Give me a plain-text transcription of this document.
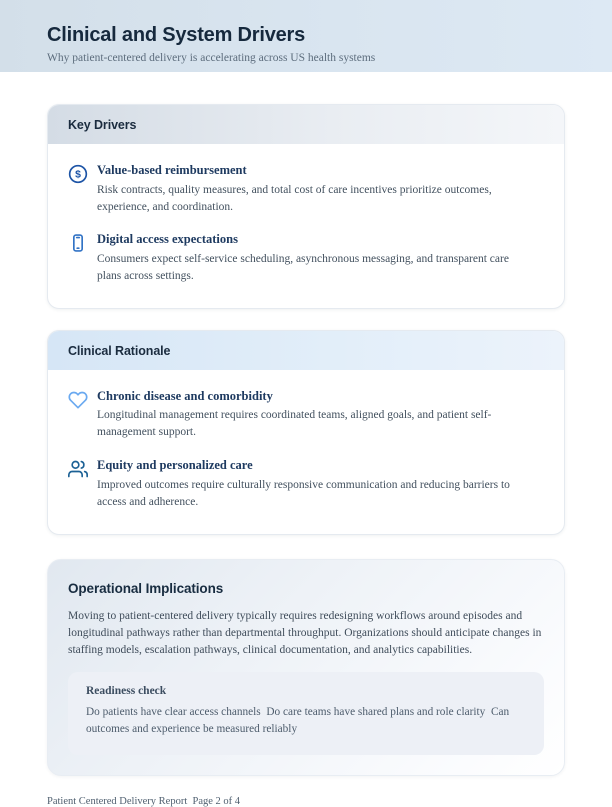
Clinical and System Drivers

Why patient-centered delivery is accelerating across US health systems

Key Drivers
$ Value-based reimbursement

Risk contracts, quality measures, and total cost of care incentives prioritize outcomes, experience, and coordination.

Digital access expectations

Consumers expect self-service scheduling, asynchronous messaging, and transparent care plans across settings.

Clinical Rationale

Chronic disease and comorbidity

Longitudinal management requires coordinated teams, aligned goals, and patient self-management support.

Equity and personalized care

Improved outcomes require culturally responsive communication and reducing barriers to access and adherence.

Operational Implications

Moving to patient-centered delivery typically requires redesigning workflows around episodes and longitudinal pathways rather than departmental throughput. Organizations should anticipate changes in staffing models, escalation pathways, clinical documentation, and analytics capabilities.

Readiness check

Do patients have clear access channels  Do care teams have shared plans and role clarity  Can outcomes and experience be measured reliably

Patient Centered Delivery Report  Page 2 of 4
